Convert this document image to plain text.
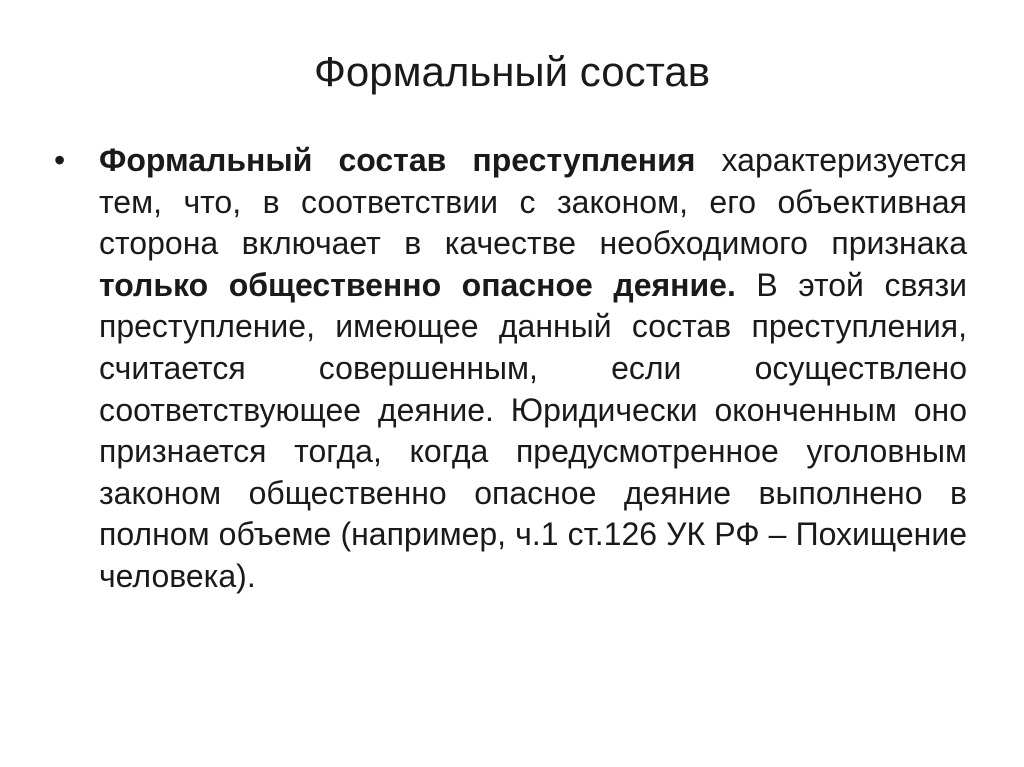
Формальный состав
•	Формальный состав преступления характеризуется тем, что, в соответствии с законом, его объективная сторона включает в качестве необходимого признака только общественно опасное деяние. В этой связи преступление, имеющее данный состав преступления, считается совершенным, если осуществлено соответствующее деяние. Юридически оконченным оно признается тогда, когда предусмотренное уголовным законом общественно опасное деяние выполнено в полном объеме (например, ч.1 ст.126 УК РФ – Похищение человека).
